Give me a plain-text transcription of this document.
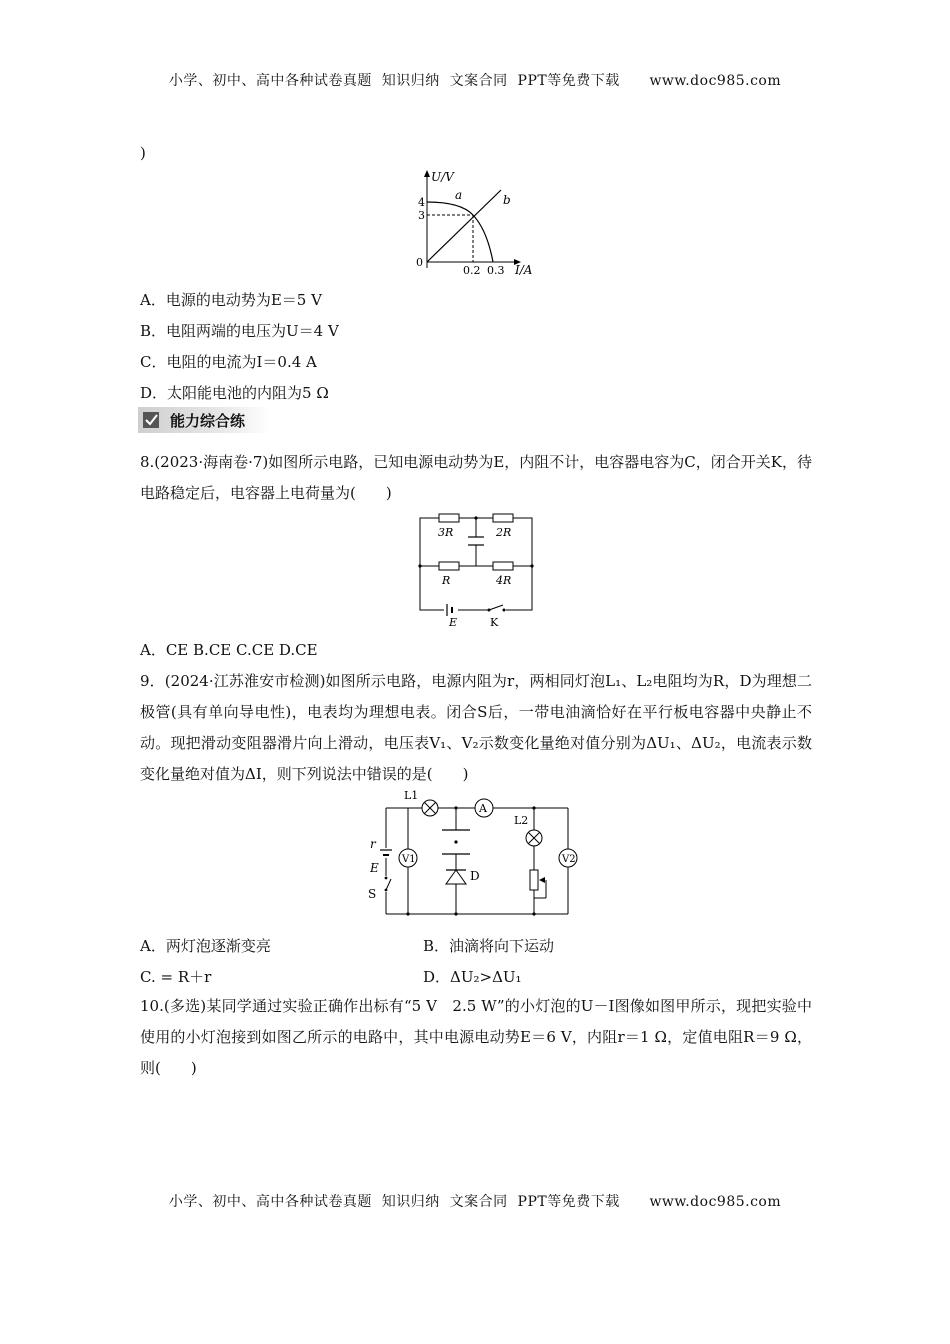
小学、初中、高中各种试卷真题  知识归纳  文案合同  PPT等免费下载      www.doc985.com
)
U/V
I/A
0
4
3
0.2 0.3
a	b
A．电源的电动势为E＝5 V
B．电阻两端的电压为U＝4 V
C．电阻的电流为I＝0.4 A
D．太阳能电池的内阻为5 Ω
能力综合练
8.(2023·海南卷·7)如图所示电路，已知电源电动势为E，内阻不计，电容器电容为C，闭合开关K，待电路稳定后，电容器上电荷量为(　　)
3R	2R
R	4R
E	K
A．CE B.CE C.CE D.CE
9．(2024·江苏淮安市检测)如图所示电路，电源内阻为r，两相同灯泡L₁、L₂电阻均为R，D为理想二极管(具有单向导电性)，电表均为理想电表。闭合S后，一带电油滴恰好在平行板电容器中央静止不动。现把滑动变阻器滑片向上滑动，电压表V₁、V₂示数变化量绝对值分别为ΔU₁、ΔU₂，电流表示数变化量绝对值为ΔI，则下列说法中错误的是(　　)
r
E
S
V1
L1
A
D
L2
V2
A．两灯泡逐渐变亮	B．油滴将向下运动
C. = R＋r	D．ΔU₂>ΔU₁
10.(多选)某同学通过实验正确作出标有“5 V　2.5 W”的小灯泡的U－I图像如图甲所示，现把实验中使用的小灯泡接到如图乙所示的电路中，其中电源电动势E＝6 V，内阻r＝1 Ω，定值电阻R＝9 Ω，则(　　)
小学、初中、高中各种试卷真题  知识归纳  文案合同  PPT等免费下载      www.doc985.com
